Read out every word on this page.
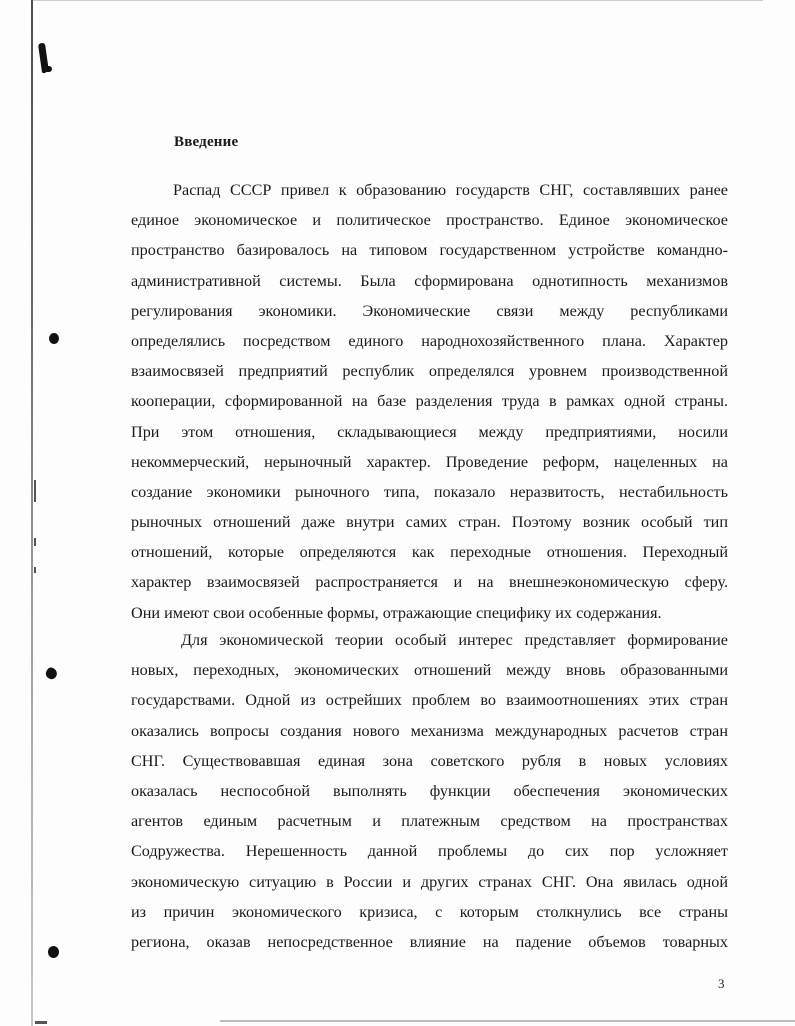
Введение
Распад СССР привел к образованию государств СНГ, составлявших ранее
единое экономическое и политическое пространство. Единое экономическое
пространство базировалось на типовом государственном устройстве командно-
административной системы. Была сформирована однотипность механизмов
регулирования экономики. Экономические связи между республиками
определялись посредством единого народнохозяйственного плана. Характер
взаимосвязей предприятий республик определялся уровнем производственной
кооперации, сформированной на базе разделения труда в рамках одной страны.
При этом отношения, складывающиеся между предприятиями, носили
некоммерческий, нерыночный характер. Проведение реформ, нацеленных на
создание экономики рыночного типа, показало неразвитость, нестабильность
рыночных отношений даже внутри самих стран. Поэтому возник особый тип
отношений, которые определяются как переходные отношения. Переходный
характер взаимосвязей распространяется и на внешнеэкономическую сферу.
Они имеют свои особенные формы, отражающие специфику их содержания.
Для экономической теории особый интерес представляет формирование
новых, переходных, экономических отношений между вновь образованными
государствами. Одной из острейших проблем во взаимоотношениях этих стран
оказались вопросы создания нового механизма международных расчетов стран
СНГ. Существовавшая единая зона советского рубля в новых условиях
оказалась неспособной выполнять функции обеспечения экономических
агентов единым расчетным и платежным средством на пространствах
Содружества. Нерешенность данной проблемы до сих пор усложняет
экономическую ситуацию в России и других странах СНГ. Она явилась одной
из причин экономического кризиса, с которым столкнулись все страны
региона, оказав непосредственное влияние на падение объемов товарных
3
